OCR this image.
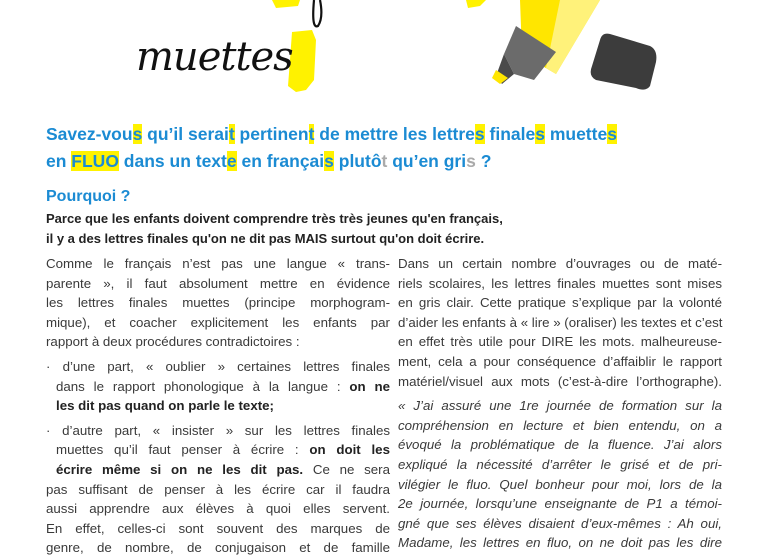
muettes
Savez-vous qu’il serait pertinent de mettre les lettres finales muettes
en FLUO dans un texte en français plutôt qu’en gris ?
Pourquoi ?
Parce que les enfants doivent comprendre très très jeunes qu'en français,
il y a des lettres finales qu'on ne dit pas MAIS surtout qu'on doit écrire.
Comme le français n’est pas une langue « trans-
parente », il faut absolument mettre en évidence
les lettres finales muettes (principe morphogram-
mique), et coacher explicitement les enfants par
rapport à deux procédures contradictoires :
· d’une part, « oublier » certaines lettres finales
dans le rapport phonologique à la langue : on ne
les dit pas quand on parle le texte;
· d’autre part, « insister » sur les lettres finales
muettes qu’il faut penser à écrire : on doit les
écrire même si on ne les dit pas. Ce ne sera
pas suffisant de penser à les écrire car il faudra
aussi apprendre aux élèves à quoi elles servent.
En effet, celles-ci sont souvent des marques de
genre, de nombre, de conjugaison et de famille
Dans un certain nombre d’ouvrages ou de maté-
riels scolaires, les lettres finales muettes sont mises
en gris clair. Cette pratique s’explique par la volonté
d’aider les enfants à « lire » (oraliser) les textes et c’est
en effet très utile pour DIRE les mots. malheureuse-
ment, cela a pour conséquence d’affaiblir le rapport
matériel/visuel aux mots (c’est-à-dire l’orthographe).
« J’ai assuré une 1re journée de formation sur la
compréhension en lecture et bien entendu, on a
évoqué la problématique de la fluence. J’ai alors
expliqué la nécessité d’arrêter le grisé et de pri-
vilégier le fluo. Quel bonheur pour moi, lors de la
2e journée, lorsqu’une enseignante de P1 a témoi-
gné que ses élèves disaient d’eux-mêmes : Ah oui,
Madame, les lettres en fluo, on ne doit pas les dire
